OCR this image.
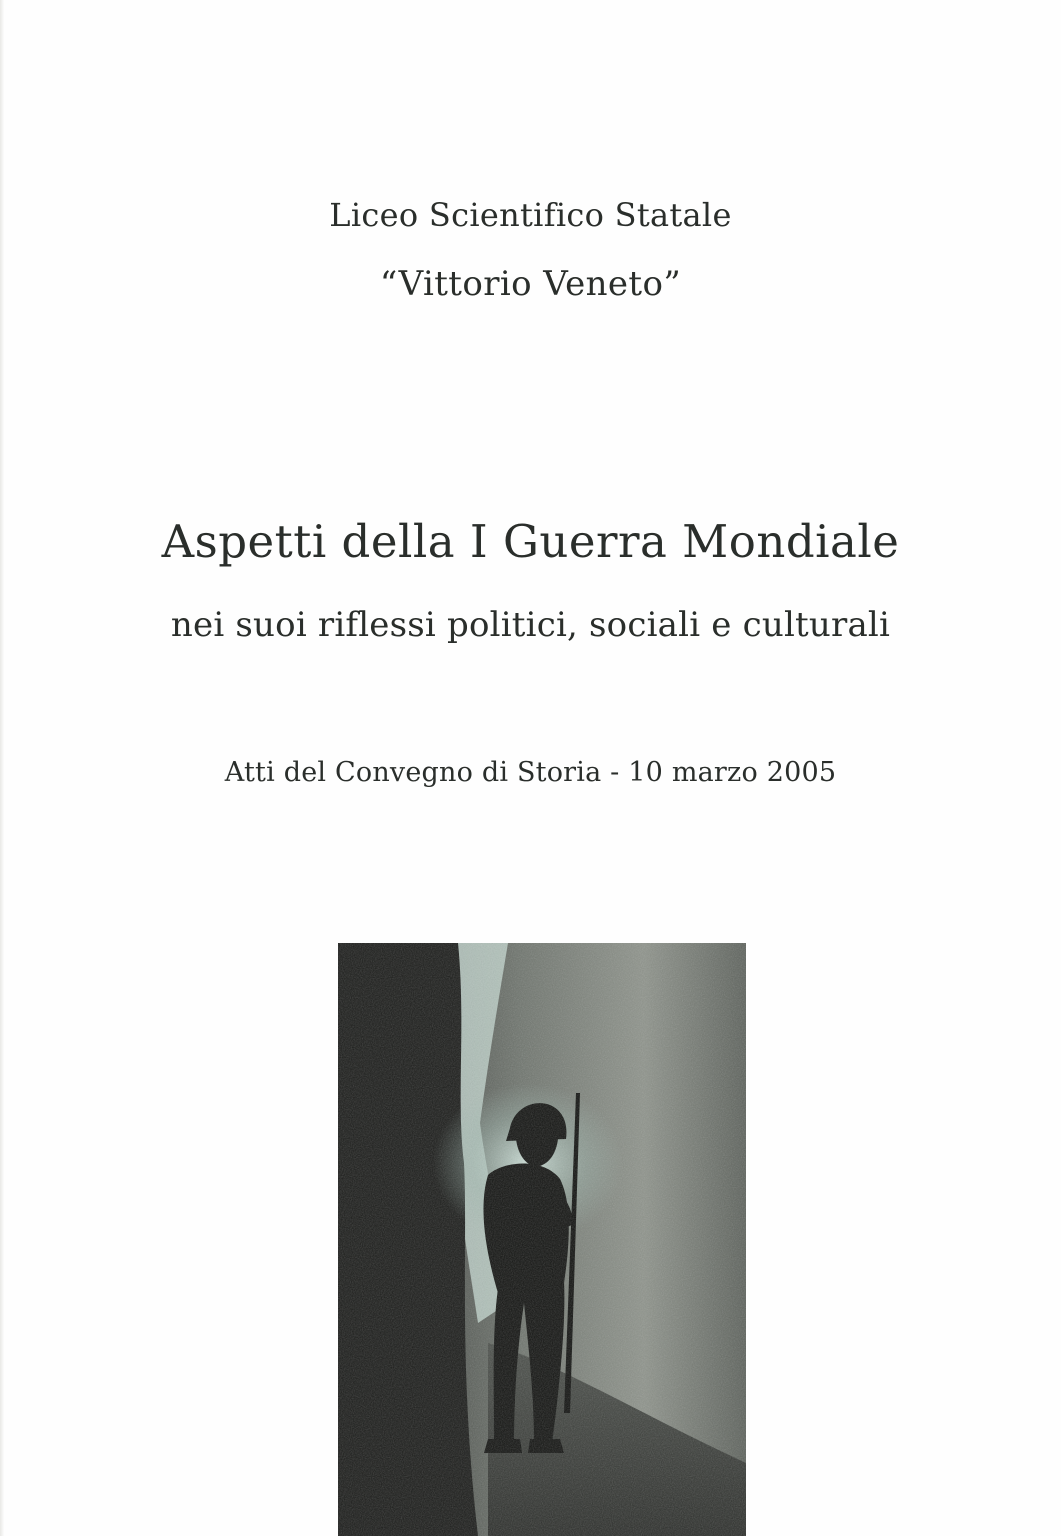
Liceo Scientifico Statale
“Vittorio Veneto”
Aspetti della I Guerra Mondiale
nei suoi riflessi politici, sociali e culturali

Atti del Convegno di Storia - 10 marzo 2005
